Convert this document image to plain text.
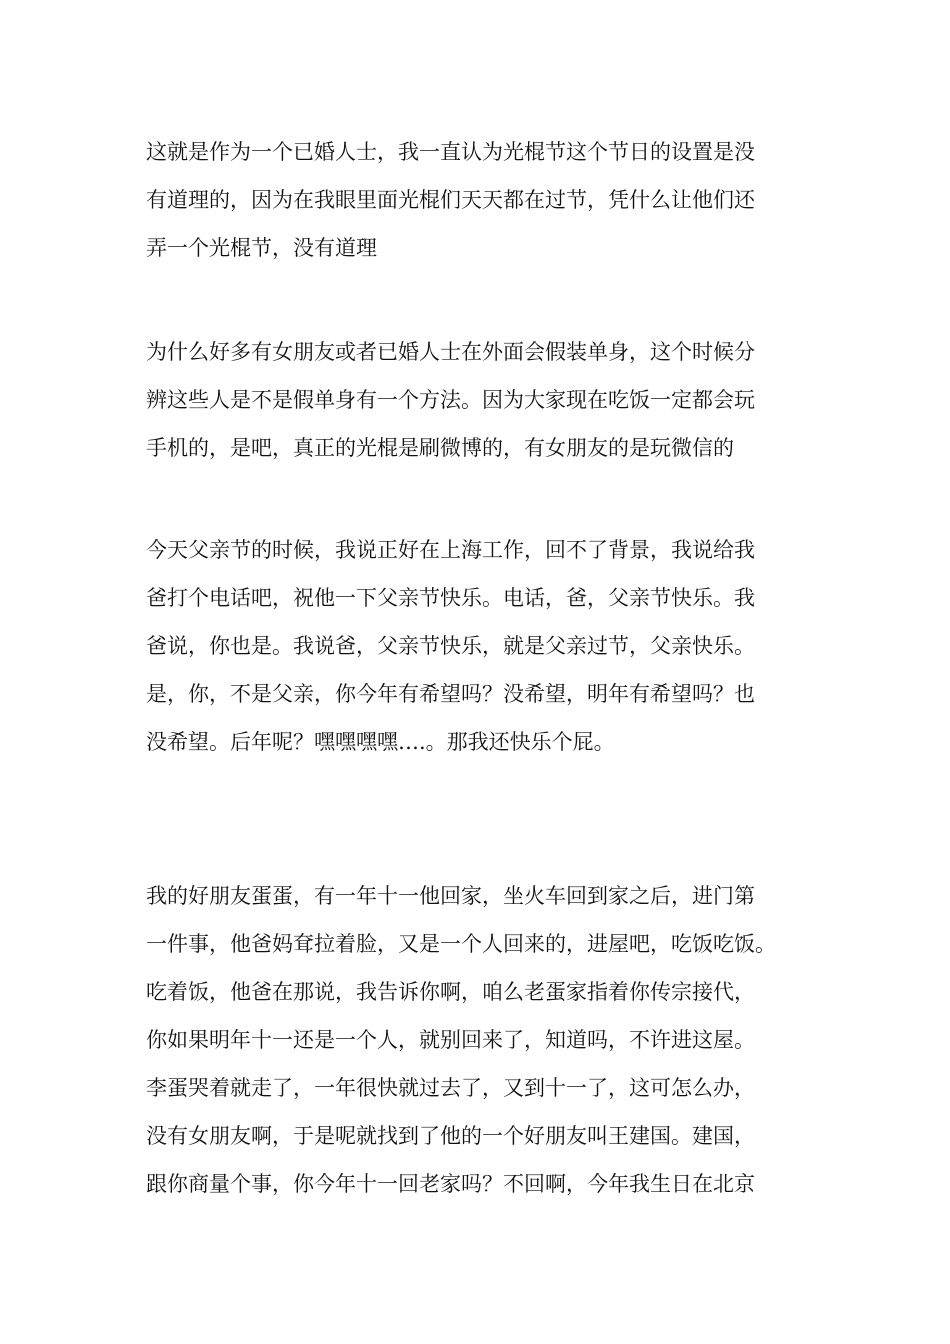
这就是作为一个已婚人士，我一直认为光棍节这个节日的设置是没
有道理的，因为在我眼里面光棍们天天都在过节，凭什么让他们还
弄一个光棍节，没有道理
为什么好多有女朋友或者已婚人士在外面会假装单身，这个时候分
辨这些人是不是假单身有一个方法。因为大家现在吃饭一定都会玩
手机的，是吧，真正的光棍是刷微博的，有女朋友的是玩微信的
今天父亲节的时候，我说正好在上海工作，回不了背景，我说给我
爸打个电话吧，祝他一下父亲节快乐。电话，爸，父亲节快乐。我
爸说，你也是。我说爸，父亲节快乐，就是父亲过节，父亲快乐。
是，你，不是父亲，你今年有希望吗？没希望，明年有希望吗？也
没希望。后年呢？嘿嘿嘿嘿….。那我还快乐个屁。
我的好朋友蛋蛋，有一年十一他回家，坐火车回到家之后，进门第
一件事，他爸妈耷拉着脸，又是一个人回来的，进屋吧，吃饭吃饭。
吃着饭，他爸在那说，我告诉你啊，咱么老蛋家指着你传宗接代，
你如果明年十一还是一个人，就别回来了，知道吗，不许进这屋。
李蛋哭着就走了，一年很快就过去了，又到十一了，这可怎么办，
没有女朋友啊，于是呢就找到了他的一个好朋友叫王建国。建国，
跟你商量个事，你今年十一回老家吗？不回啊，今年我生日在北京
